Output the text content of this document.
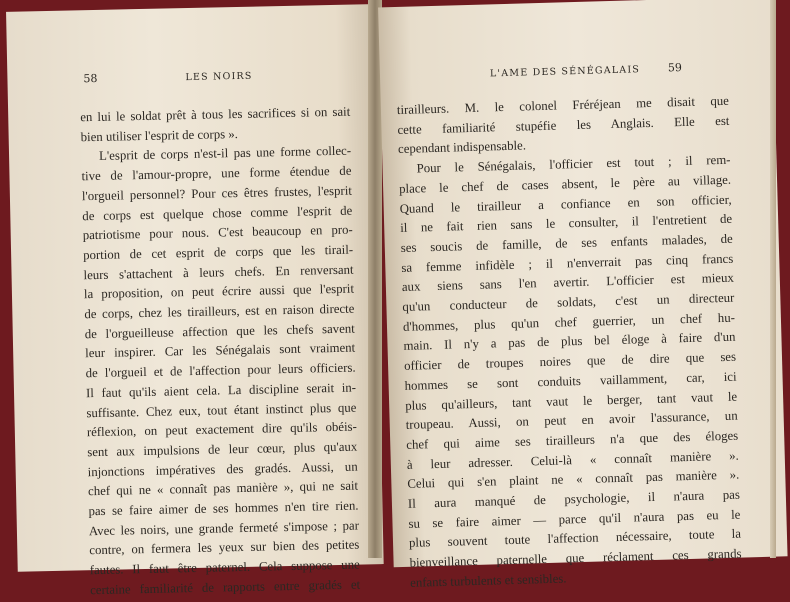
58	LES NOIRS
en lui le soldat prêt à tous les sacrifices si on sait
bien utiliser l'esprit de corps ».
L'esprit de corps n'est-il pas une forme collec-
tive de l'amour-propre, une forme étendue de
l'orgueil personnel? Pour ces êtres frustes, l'esprit
de corps est quelque chose comme l'esprit de
patriotisme pour nous. C'est beaucoup en pro-
portion de cet esprit de corps que les tirail-
leurs s'attachent à leurs chefs. En renversant
la proposition, on peut écrire aussi que l'esprit
de corps, chez les tirailleurs, est en raison directe
de l'orgueilleuse affection que les chefs savent
leur inspirer. Car les Sénégalais sont vraiment
de l'orgueil et de l'affection pour leurs officiers.
Il faut qu'ils aient cela. La discipline serait in-
suffisante. Chez eux, tout étant instinct plus que
réflexion, on peut exactement dire qu'ils obéis-
sent aux impulsions de leur cœur, plus qu'aux
injonctions impératives des gradés. Aussi, un
chef qui ne « connaît pas manière », qui ne sait
pas se faire aimer de ses hommes n'en tire rien.
Avec les noirs, une grande fermeté s'impose ; par
contre, on fermera les yeux sur bien des petites
fautes. Il faut être paternel. Cela suppose une
certaine familiarité de rapports entre gradés et
L'AME DES SÉNÉGALAIS	59
tirailleurs. M. le colonel Fréréjean me disait que
cette familiarité stupéfie les Anglais. Elle est
cependant indispensable.
Pour le Sénégalais, l'officier est tout ; il rem-
place le chef de cases absent, le père au village.
Quand le tirailleur a confiance en son officier,
il ne fait rien sans le consulter, il l'entretient de
ses soucis de famille, de ses enfants malades, de
sa femme infidèle ; il n'enverrait pas cinq francs
aux siens sans l'en avertir. L'officier est mieux
qu'un conducteur de soldats, c'est un directeur
d'hommes, plus qu'un chef guerrier, un chef hu-
main. Il n'y a pas de plus bel éloge à faire d'un
officier de troupes noires que de dire que ses
hommes se sont conduits vaillamment, car, ici
plus qu'ailleurs, tant vaut le berger, tant vaut le
troupeau. Aussi, on peut en avoir l'assurance, un
chef qui aime ses tirailleurs n'a que des éloges
à leur adresser. Celui-là « connaît manière ».
Celui qui s'en plaint ne « connaît pas manière ».
Il aura manqué de psychologie, il n'aura pas
su se faire aimer — parce qu'il n'aura pas eu le
plus souvent toute l'affection nécessaire, toute la
bienveillance paternelle que réclament ces grands
enfants turbulents et sensibles.
